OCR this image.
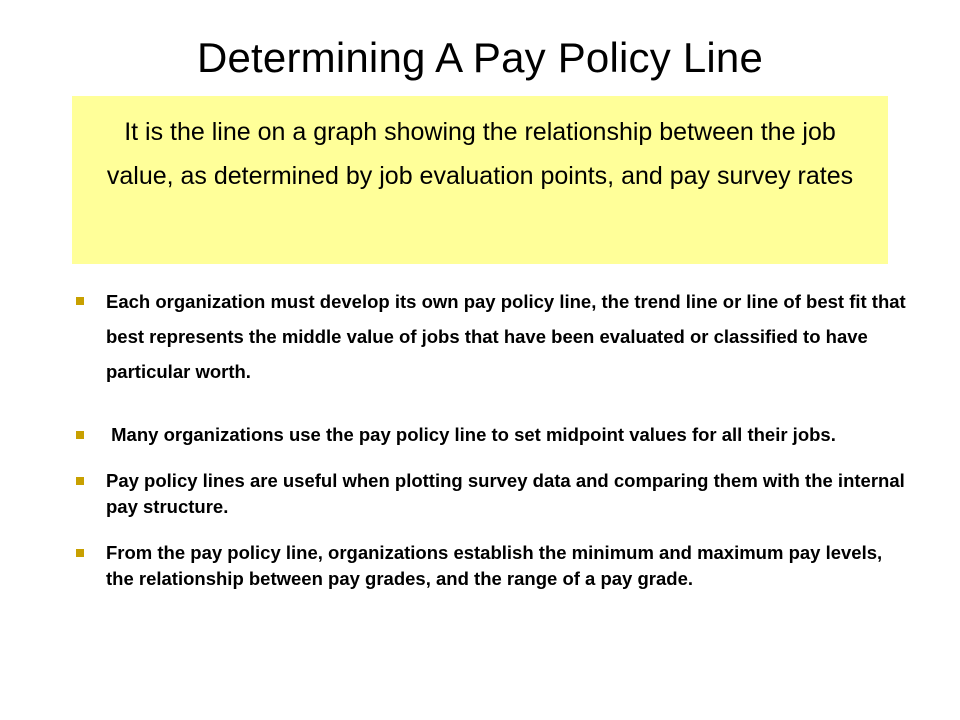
Determining A Pay Policy Line

It is the line on a graph showing the relationship between the job value, as determined by job evaluation points, and pay survey rates

Each organization must develop its own pay policy line, the trend line or line of best fit that best represents the middle value of jobs that have been evaluated or classified to have particular worth.
Many organizations use the pay policy line to set midpoint values for all their jobs.
Pay policy lines are useful when plotting survey data and comparing them with the internal pay structure.
From the pay policy line, organizations establish the minimum and maximum pay levels, the relationship between pay grades, and the range of a pay grade.
